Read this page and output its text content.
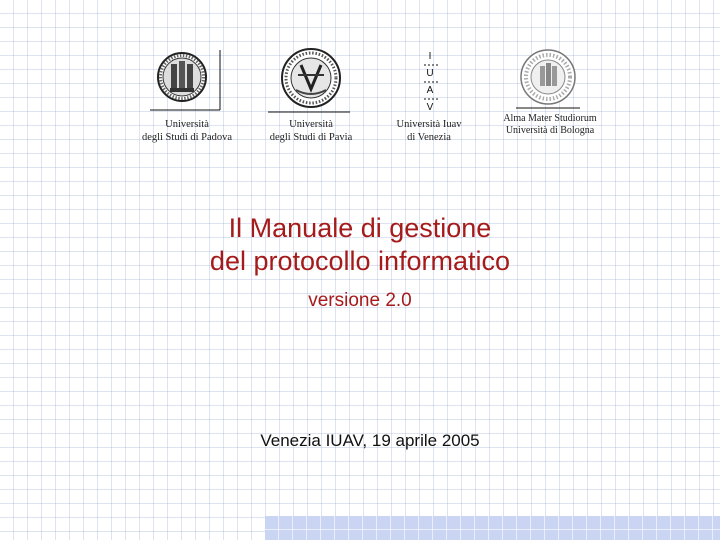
Università
degli Studi di Padova
Università
degli Studi di Pavia
I
U
A
V
Università Iuav
di Venezia
Alma Mater Studiorum
Università di Bologna
Il Manuale di gestione
del protocollo informatico
versione 2.0
Venezia IUAV, 19 aprile 2005
